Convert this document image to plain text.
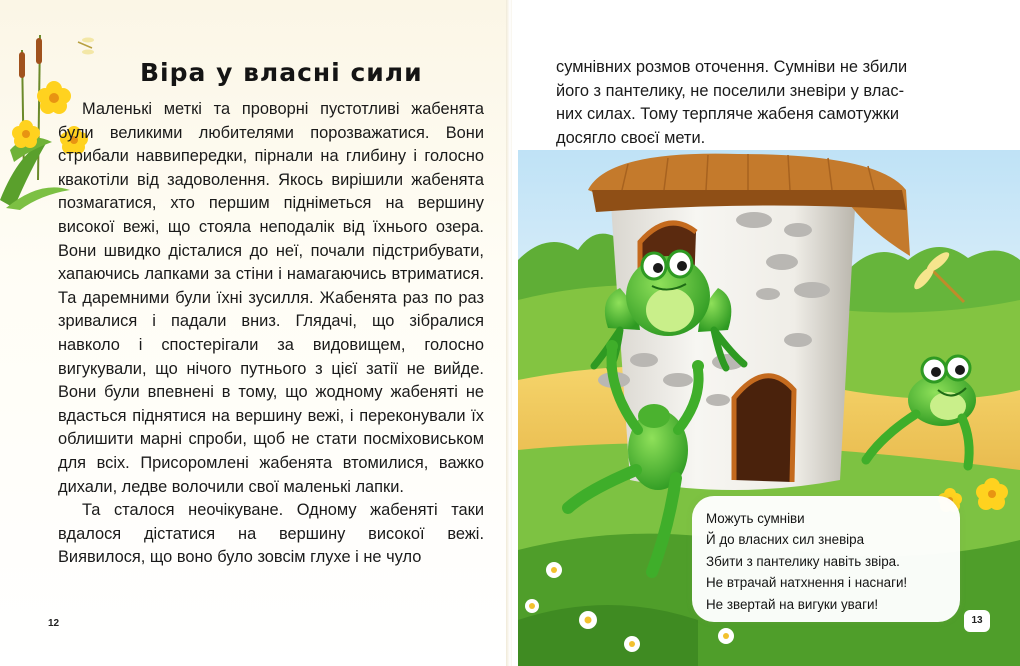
Віра у власні сили

Маленькі меткі та проворні пустотливі жабенята були великими любителями порозважатися. Вони стрибали наввипередки, пірнали на глибину і голосно квакотіли від задоволення. Якось вирішили жабенята позмагатися, хто першим підніметься на вершину високої вежі, що стояла неподалік від їхнього озера. Вони швидко дісталися до неї, почали підстрибувати, хапаючись лапками за стіни і намагаючись втриматися. Та даремними були їхні зусилля. Жабенята раз по раз зривалися і падали вниз. Глядачі, що зібралися навколо і спостерігали за видовищем, голосно вигукували, що нічого путнього з цієї затії не вийде. Вони були впевнені в тому, що жодному жабеняті не вдасться піднятися на вершину вежі, і переконували їх облишити марні спроби, щоб не стати посміховиськом для всіх. Присоромлені жабенята втомилися, важко дихали, ледве волочили свої маленькі лапки.

Та сталося неочікуване. Одному жабеняті таки вдалося дістатися на вершину високої вежі. Виявилося, що воно було зовсім глухе і не чуло

12
сумнівних розмов оточення. Сумніви не збили
його з пантелику, не поселили зневіри у влас-
них силах. Тому терпляче жабеня самотужки
досягло своєї мети.
Можуть сумніви
Й до власних сил зневіра
Збити з пантелику навіть звіра.
Не втрачай натхнення і наснаги!
Не звертай на вигуки уваги!
13
